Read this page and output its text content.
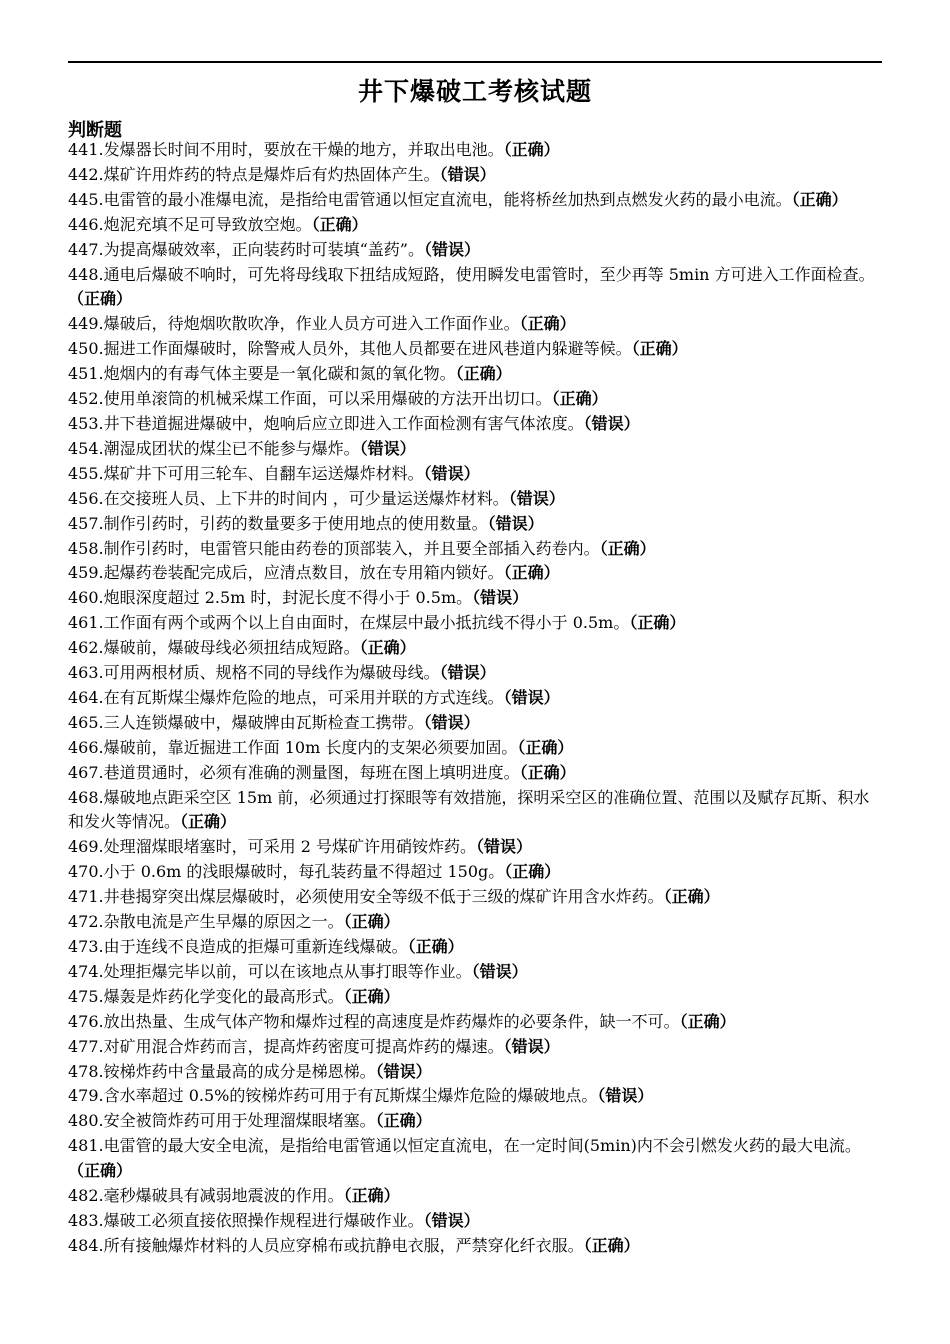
井下爆破工考核试题
判断题

441.发爆器长时间不用时，要放在干燥的地方，并取出电池。（正确）

442.煤矿许用炸药的特点是爆炸后有灼热固体产生。（错误）

445.电雷管的最小准爆电流，是指给电雷管通以恒定直流电，能将桥丝加热到点燃发火药的最小电流。（正确）

446.炮泥充填不足可导致放空炮。（正确）

447.为提高爆破效率，正向装药时可装填“盖药”。（错误）

448.通电后爆破不响时，可先将母线取下扭结成短路，使用瞬发电雷管时，至少再等 5min 方可进入工作面检查。（正确）

449.爆破后，待炮烟吹散吹净，作业人员方可进入工作面作业。（正确）

450.掘进工作面爆破时，除警戒人员外，其他人员都要在进风巷道内躲避等候。（正确）

451.炮烟内的有毒气体主要是一氧化碳和氮的氧化物。（正确）

452.使用单滚筒的机械采煤工作面，可以采用爆破的方法开出切口。（正确）

453.井下巷道掘进爆破中，炮响后应立即进入工作面检测有害气体浓度。（错误）

454.潮湿成团状的煤尘已不能参与爆炸。（错误）

455.煤矿井下可用三轮车、自翻车运送爆炸材料。（错误）

456.在交接班人员、上下井的时间内 ，可少量运送爆炸材料。（错误）

457.制作引药时，引药的数量要多于使用地点的使用数量。（错误）

458.制作引药时，电雷管只能由药卷的顶部装入，并且要全部插入药卷内。（正确）

459.起爆药卷装配完成后，应清点数目，放在专用箱内锁好。（正确）

460.炮眼深度超过 2.5m 时，封泥长度不得小于 0.5m。（错误）

461.工作面有两个或两个以上自由面时，在煤层中最小抵抗线不得小于 0.5m。（正确）

462.爆破前，爆破母线必须扭结成短路。（正确）

463.可用两根材质、规格不同的导线作为爆破母线。（错误）

464.在有瓦斯煤尘爆炸危险的地点，可采用并联的方式连线。（错误）

465.三人连锁爆破中，爆破牌由瓦斯检查工携带。（错误）

466.爆破前，靠近掘进工作面 10m 长度内的支架必须要加固。（正确）

467.巷道贯通时，必须有准确的测量图，每班在图上填明进度。（正确）

468.爆破地点距采空区 15m 前，必须通过打探眼等有效措施，探明采空区的准确位置、范围以及赋存瓦斯、积水和发火等情况。（正确）

469.处理溜煤眼堵塞时，可采用 2 号煤矿许用硝铵炸药。（错误）

470.小于 0.6m 的浅眼爆破时，每孔装药量不得超过 150g。（正确）

471.井巷揭穿突出煤层爆破时，必须使用安全等级不低于三级的煤矿许用含水炸药。（正确）

472.杂散电流是产生早爆的原因之一。（正确）

473.由于连线不良造成的拒爆可重新连线爆破。（正确）

474.处理拒爆完毕以前，可以在该地点从事打眼等作业。（错误）

475.爆轰是炸药化学变化的最高形式。（正确）

476.放出热量、生成气体产物和爆炸过程的高速度是炸药爆炸的必要条件，缺一不可。（正确）

477.对矿用混合炸药而言，提高炸药密度可提高炸药的爆速。（错误）

478.铵梯炸药中含量最高的成分是梯恩梯。（错误）

479.含水率超过 0.5%的铵梯炸药可用于有瓦斯煤尘爆炸危险的爆破地点。（错误）

480.安全被筒炸药可用于处理溜煤眼堵塞。（正确）

481.电雷管的最大安全电流，是指给电雷管通以恒定直流电，在一定时间(5min)内不会引燃发火药的最大电流。（正确）

482.毫秒爆破具有减弱地震波的作用。（正确）

483.爆破工必须直接依照操作规程进行爆破作业。（错误）

484.所有接触爆炸材料的人员应穿棉布或抗静电衣服，严禁穿化纤衣服。（正确）
